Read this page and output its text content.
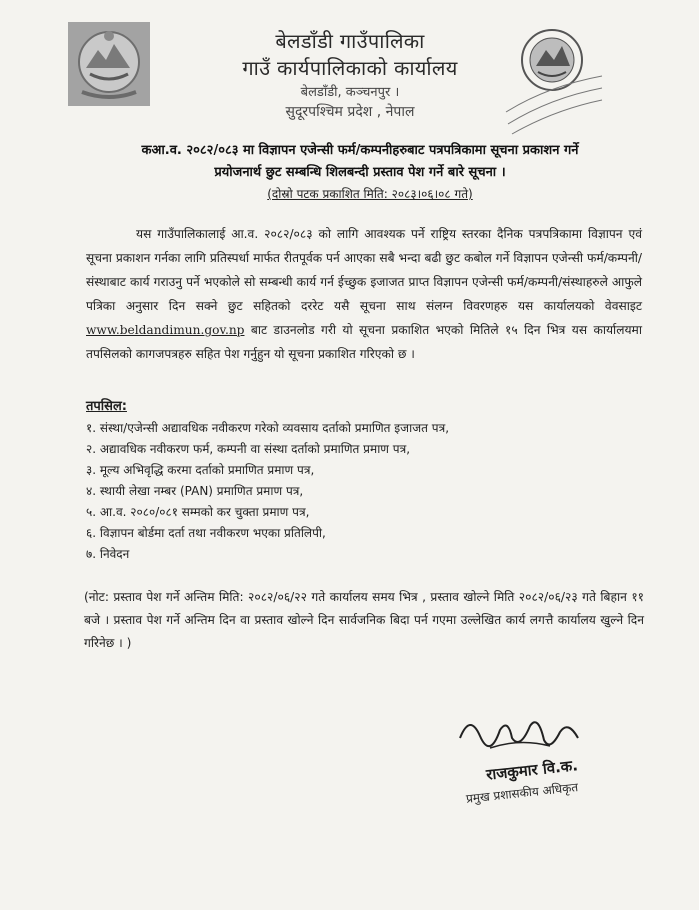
बेलडाँडी गाउँपालिका
गाउँ कार्यपालिकाको कार्यालय
बेलडाँडी, कञ्चनपुर ।
सुदूरपश्चिम प्रदेश , नेपाल
कआ.व. २०८२/०८३ मा विज्ञापन एजेन्सी फर्म/कम्पनीहरुबाट पत्रपत्रिकामा सूचना प्रकाशन गर्ने
प्रयोजनार्थ छुट सम्बन्धि शिलबन्दी प्रस्ताव पेश गर्ने बारे सूचना ।
(दोस्रो पटक प्रकाशित मिति: २०८३।०६।०८ गते)
यस गाउँपालिकालाई आ.व. २०८२/०८३ को लागि आवश्यक पर्ने राष्ट्रिय स्तरका दैनिक पत्रपत्रिकामा विज्ञापन एवं सूचना प्रकाशन गर्नका लागि प्रतिस्पर्धा मार्फत रीतपूर्वक पर्न आएका सबै भन्दा बढी छुट कबोल गर्ने विज्ञापन एजेन्सी फर्म/कम्पनी/संस्थाबाट कार्य गराउनु पर्ने भएकोले सो सम्बन्धी कार्य गर्न ईच्छुक इजाजत प्राप्त विज्ञापन एजेन्सी फर्म/कम्पनी/संस्थाहरुले आफुले पत्रिका अनुसार दिन सक्ने छुट सहितको दररेट यसै सूचना साथ संलग्न विवरणहरु यस कार्यालयको वेवसाइट www.beldandimun.gov.np बाट डाउनलोड गरी यो सूचना प्रकाशित भएको मितिले १५ दिन भित्र यस कार्यालयमा तपसिलको कागजपत्रहरु सहित पेश गर्नुहुन यो सूचना प्रकाशित गरिएको छ ।
तपसिल:
१. संस्था/एजेन्सी अद्यावधिक नवीकरण गरेको व्यवसाय दर्ताको प्रमाणित इजाजत पत्र,
२. अद्यावधिक नवीकरण फर्म, कम्पनी वा संस्था दर्ताको प्रमाणित प्रमाण पत्र,
३. मूल्य अभिवृद्धि करमा दर्ताको प्रमाणित प्रमाण पत्र,
४. स्थायी लेखा नम्बर (PAN) प्रमाणित प्रमाण पत्र,
५. आ.व. २०८०/०८१ सम्मको कर चुक्ता प्रमाण पत्र,
६. विज्ञापन बोर्डमा दर्ता तथा नवीकरण भएका प्रतिलिपी,
७. निवेदन
(नोट: प्रस्ताव पेश गर्ने अन्तिम मिति: २०८२/०६/२२ गते कार्यालय समय भित्र , प्रस्ताव खोल्ने मिति २०८२/०६/२३ गते बिहान ११ बजे । प्रस्ताव पेश गर्ने अन्तिम दिन वा प्रस्ताव खोल्ने दिन सार्वजनिक बिदा पर्न गएमा उल्लेखित कार्य लगत्तै कार्यालय खुल्ने दिन गरिनेछ । )
राजकुमार वि.क.
प्रमुख प्रशासकीय अधिकृत
